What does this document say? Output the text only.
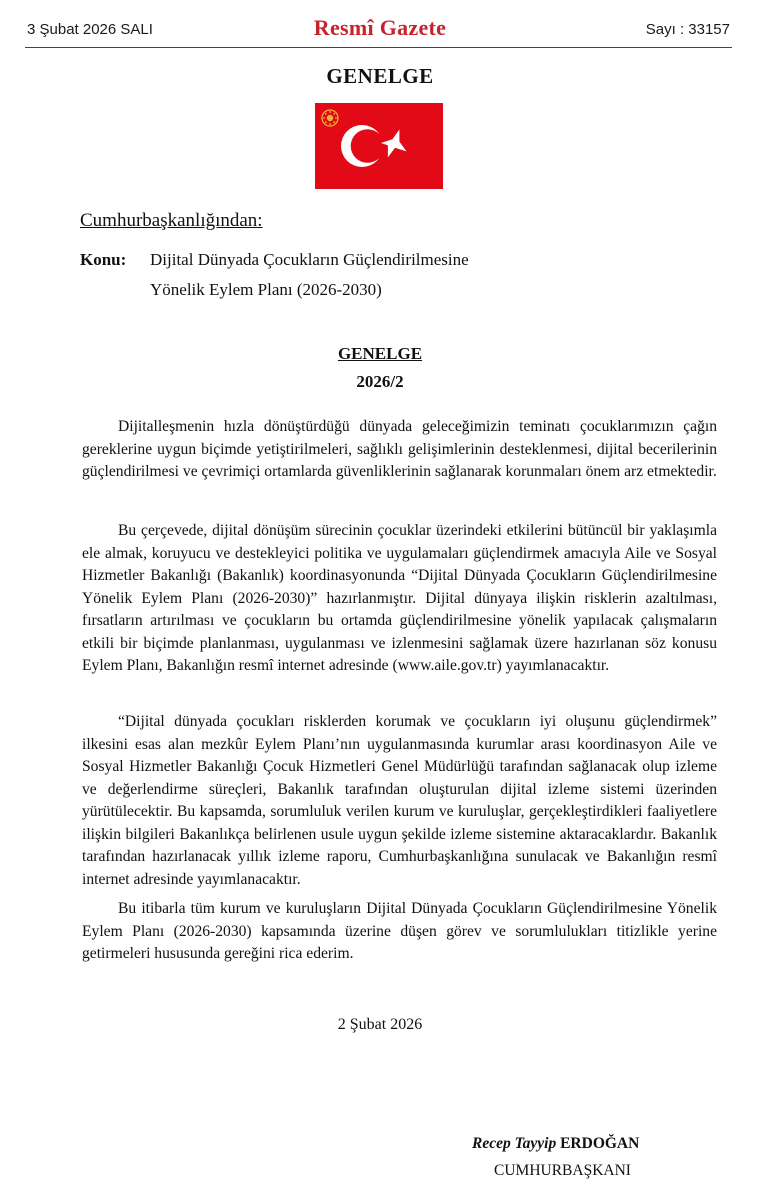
3 Şubat 2026 SALI	Resmî Gazete	Sayı : 33157
GENELGE
Cumhurbaşkanlığından:
Konu:	Dijital Dünyada Çocukların Güçlendirilmesine
Yönelik Eylem Planı (2026-2030)
GENELGE
2026/2

Dijitalleşmenin hızla dönüştürdüğü dünyada geleceğimizin teminatı çocuklarımızın çağın gereklerine uygun biçimde yetiştirilmeleri, sağlıklı gelişimlerinin desteklenmesi, dijital becerilerinin güçlendirilmesi ve çevrimiçi ortamlarda güvenliklerinin sağlanarak korunmaları önem arz etmektedir.

Bu çerçevede, dijital dönüşüm sürecinin çocuklar üzerindeki etkilerini bütüncül bir yaklaşımla ele almak, koruyucu ve destekleyici politika ve uygulamaları güçlendirmek amacıyla Aile ve Sosyal Hizmetler Bakanlığı (Bakanlık) koordinasyonunda “Dijital Dünyada Çocukların Güçlendirilmesine Yönelik Eylem Planı (2026-2030)” hazırlanmıştır. Dijital dünyaya ilişkin risklerin azaltılması, fırsatların artırılması ve çocukların bu ortamda güçlendirilmesine yönelik yapılacak çalışmaların etkili bir biçimde planlanması, uygulanması ve izlenmesini sağlamak üzere hazırlanan söz konusu Eylem Planı, Bakanlığın resmî internet adresinde (www.aile.gov.tr) yayımlanacaktır.

“Dijital dünyada çocukları risklerden korumak ve çocukların iyi oluşunu güçlendirmek” ilkesini esas alan mezkûr Eylem Planı’nın uygulanmasında kurumlar arası koordinasyon Aile ve Sosyal Hizmetler Bakanlığı Çocuk Hizmetleri Genel Müdürlüğü tarafından sağlanacak olup izleme ve değerlendirme süreçleri, Bakanlık tarafından oluşturulan dijital izleme sistemi üzerinden yürütülecektir. Bu kapsamda, sorumluluk verilen kurum ve kuruluşlar, gerçekleştirdikleri faaliyetlere ilişkin bilgileri Bakanlıkça belirlenen usule uygun şekilde izleme sistemine aktaracaklardır. Bakanlık tarafından hazırlanacak yıllık izleme raporu, Cumhurbaşkanlığına sunulacak ve Bakanlığın resmî internet adresinde yayımlanacaktır.

Bu itibarla tüm kurum ve kuruluşların Dijital Dünyada Çocukların Güçlendirilmesine Yönelik Eylem Planı (2026-2030) kapsamında üzerine düşen görev ve sorumlulukları titizlikle yerine getirmeleri hususunda gereğini rica ederim.

2 Şubat 2026
Recep Tayyip ERDOĞAN
CUMHURBAŞKANI
